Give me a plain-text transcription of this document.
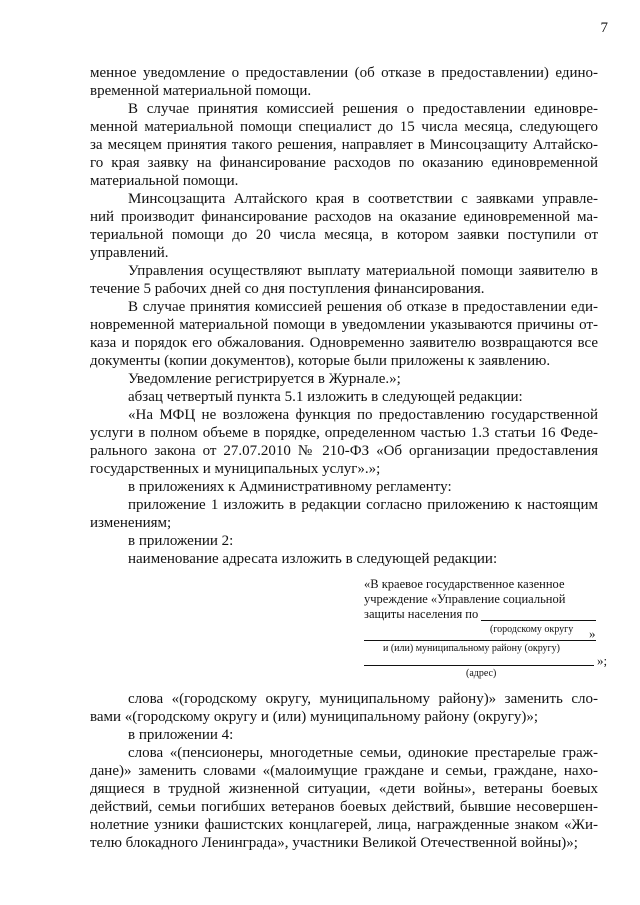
7
менное уведомление о предоставлении (об отказе в предоставлении) едино-
временной материальной помощи.
В случае принятия комиссией решения о предоставлении единовре-
менной материальной помощи специалист до 15 числа месяца, следующего
за месяцем принятия такого решения, направляет в Минсоцзащиту Алтайско-
го края заявку на финансирование расходов по оказанию единовременной
материальной помощи.
Минсоцзащита Алтайского края в соответствии с заявками управле-
ний производит финансирование расходов на оказание единовременной ма-
териальной помощи до 20 числа месяца, в котором заявки поступили от
управлений.
Управления осуществляют выплату материальной помощи заявителю в
течение 5 рабочих дней со дня поступления финансирования.
В случае принятия комиссией решения об отказе в предоставлении еди-
новременной материальной помощи в уведомлении указываются причины от-
каза и порядок его обжалования. Одновременно заявителю возвращаются все
документы (копии документов), которые были приложены к заявлению.
Уведомление регистрируется в Журнале.»;
абзац четвертый пункта 5.1 изложить в следующей редакции:
«На МФЦ не возложена функция по предоставлению государственной
услуги в полном объеме в порядке, определенном частью 1.3 статьи 16 Феде-
рального закона от 27.07.2010 № 210-ФЗ «Об организации предоставления
государственных и муниципальных услуг».»;
в приложениях к Административному регламенту:
приложение 1 изложить в редакции согласно приложению к настоящим
изменениям;
в приложении 2:
наименование адресата изложить в следующей редакции:
«В краевое государственное казенное
учреждение «Управление социальной
защиты населения по
(городскому округу »
и (или) муниципальному району (округу)
»;
(адрес)
слова «(городскому округу, муниципальному району)» заменить сло-
вами «(городскому округу и (или) муниципальному району (округу)»;
в приложении 4:
слова «(пенсионеры, многодетные семьи, одинокие престарелые граж-
дане)» заменить словами «(малоимущие граждане и семьи, граждане, нахо-
дящиеся в трудной жизненной ситуации, «дети войны», ветераны боевых
действий, семьи погибших ветеранов боевых действий, бывшие несовершен-
нолетние узники фашистских концлагерей, лица, награжденные знаком «Жи-
телю блокадного Ленинграда», участники Великой Отечественной войны)»;
